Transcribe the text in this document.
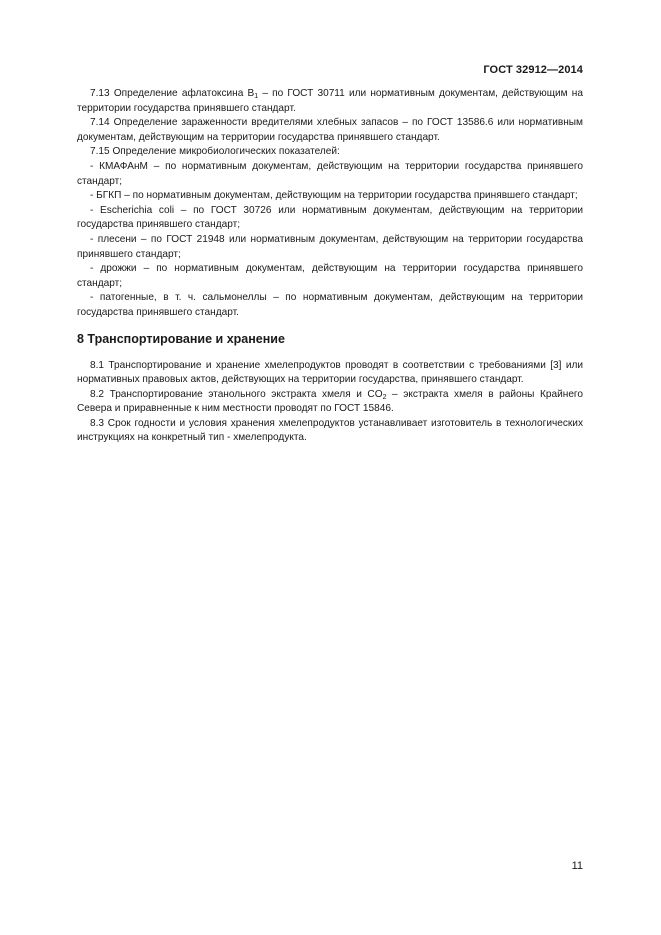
ГОСТ 32912—2014

7.13 Определение афлатоксина $B_1$ – по ГОСТ 30711 или нормативным документам, действующим на территории государства принявшего стандарт.

7.14 Определение зараженности вредителями хлебных запасов – по ГОСТ 13586.6 или нормативным документам, действующим на территории государства принявшего стандарт.

7.15 Определение микробиологических показателей:

- КМАФАнМ – по нормативным документам, действующим на территории государства принявшего стандарт;

- БГКП – по нормативным документам, действующим на территории государства принявшего стандарт;

- Escherichia coli – по ГОСТ 30726 или нормативным документам, действующим на территории государства принявшего стандарт;

- плесени – по ГОСТ 21948 или нормативным документам, действующим на территории государства принявшего стандарт;

- дрожжи – по нормативным документам, действующим на территории государства принявшего стандарт;

- патогенные, в т. ч. сальмонеллы – по нормативным документам, действующим на территории государства принявшего стандарт.

8 Транспортирование и хранение

8.1 Транспортирование и хранение хмелепродуктов проводят в соответствии с требованиями [3] или нормативных правовых актов, действующих на территории государства, принявшего стандарт.

8.2 Транспортирование этанольного экстракта хмеля и $CO_2$ – экстракта хмеля в районы Крайнего Севера и приравненные к ним местности проводят по ГОСТ 15846.

8.3 Срок годности и условия хранения хмелепродуктов устанавливает изготовитель в технологических инструкциях на конкретный тип - хмелепродукта.

11
